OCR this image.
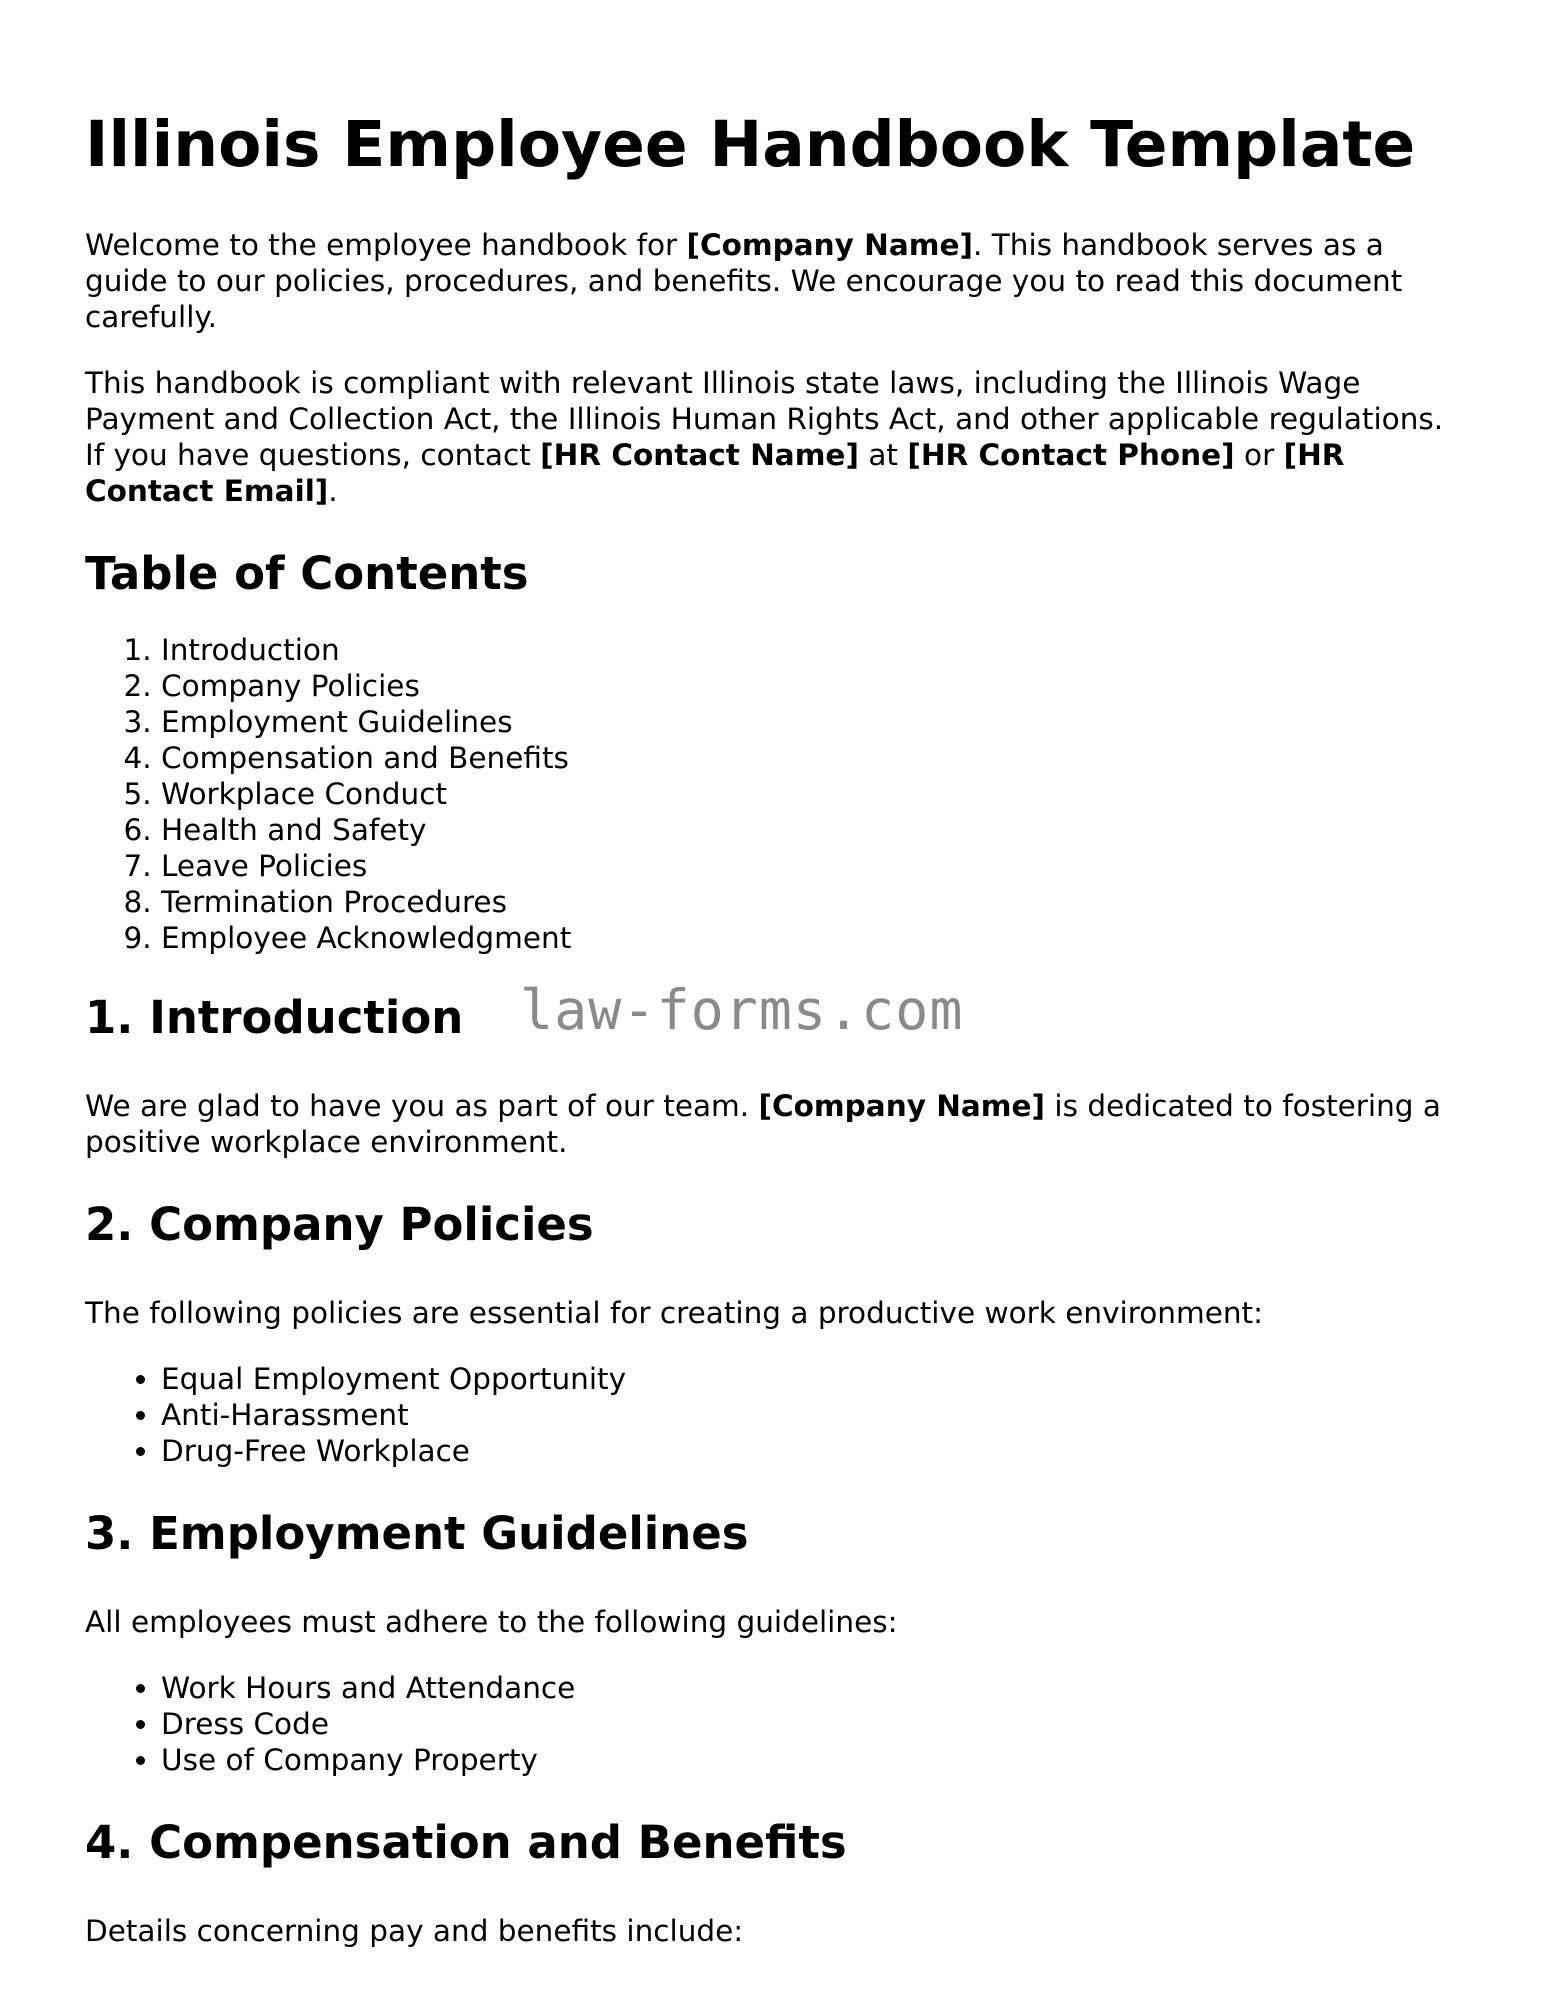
Illinois Employee Handbook Template

Welcome to the employee handbook for [Company Name]. This handbook serves as a guide to our policies, procedures, and benefits. We encourage you to read this document carefully.

This handbook is compliant with relevant Illinois state laws, including the Illinois Wage Payment and Collection Act, the Illinois Human Rights Act, and other applicable regulations. If you have questions, contact [HR Contact Name] at [HR Contact Phone] or [HR Contact Email].

Table of Contents
1. Introduction
2. Company Policies
3. Employment Guidelines
4. Compensation and Benefits
5. Workplace Conduct
6. Health and Safety
7. Leave Policies
8. Termination Procedures
9. Employee Acknowledgment
1. Introduction

We are glad to have you as part of our team. [Company Name] is dedicated to fostering a positive workplace environment.

2. Company Policies

The following policies are essential for creating a productive work environment:

• Equal Employment Opportunity
• Anti-Harassment
• Drug-Free Workplace
3. Employment Guidelines

All employees must adhere to the following guidelines:

• Work Hours and Attendance
• Dress Code
• Use of Company Property
4. Compensation and Benefits

Details concerning pay and benefits include:

law-forms.com
